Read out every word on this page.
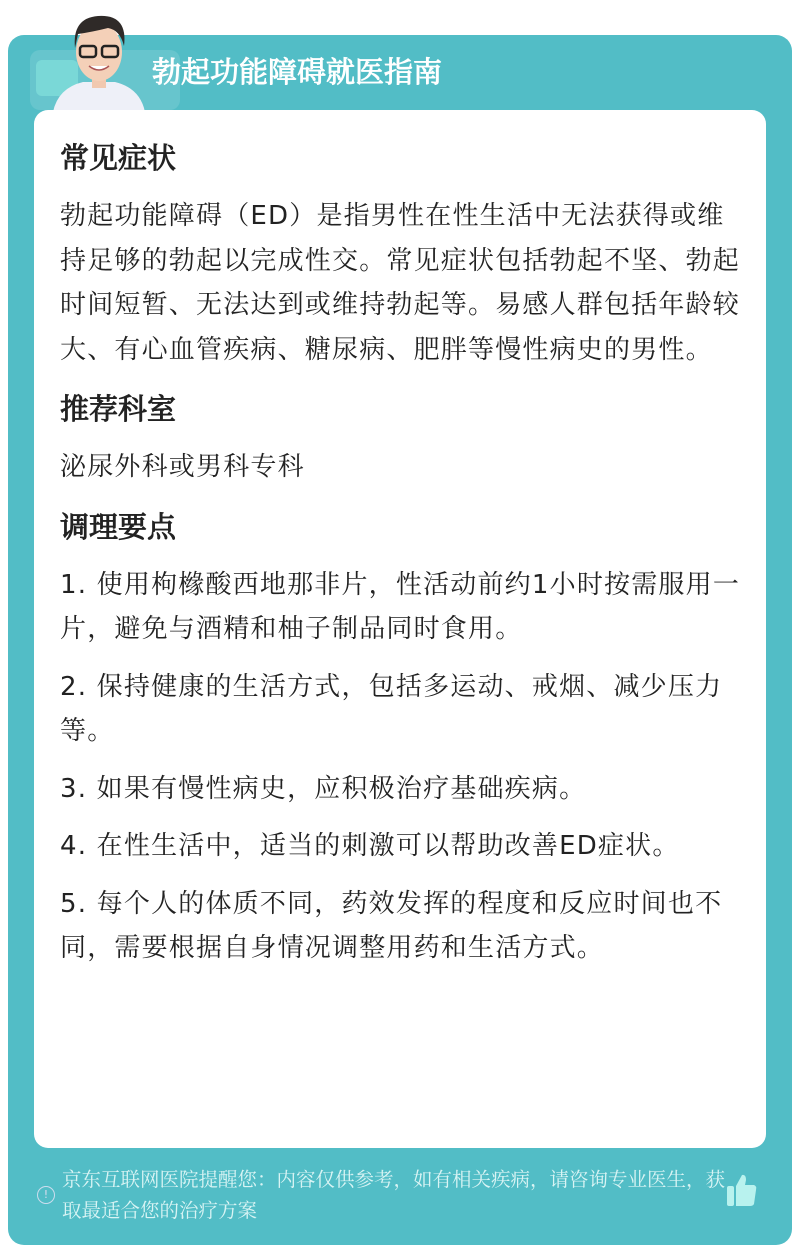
勃起功能障碍就医指南
常见症状

勃起功能障碍（ED）是指男性在性生活中无法获得或维持足够的勃起以完成性交。常见症状包括勃起不坚、勃起时间短暂、无法达到或维持勃起等。易感人群包括年龄较大、有心血管疾病、糖尿病、肥胖等慢性病史的男性。

推荐科室

泌尿外科或男科专科

调理要点

1. 使用枸橼酸西地那非片，性活动前约1小时按需服用一片，避免与酒精和柚子制品同时食用。

2. 保持健康的生活方式，包括多运动、戒烟、减少压力等。

3. 如果有慢性病史，应积极治疗基础疾病。

4. 在性生活中，适当的刺激可以帮助改善ED症状。

5. 每个人的体质不同，药效发挥的程度和反应时间也不同，需要根据自身情况调整用药和生活方式。

!
京东互联网医院提醒您：内容仅供参考，如有相关疾病，请咨询专业医生，获取最适合您的治疗方案
